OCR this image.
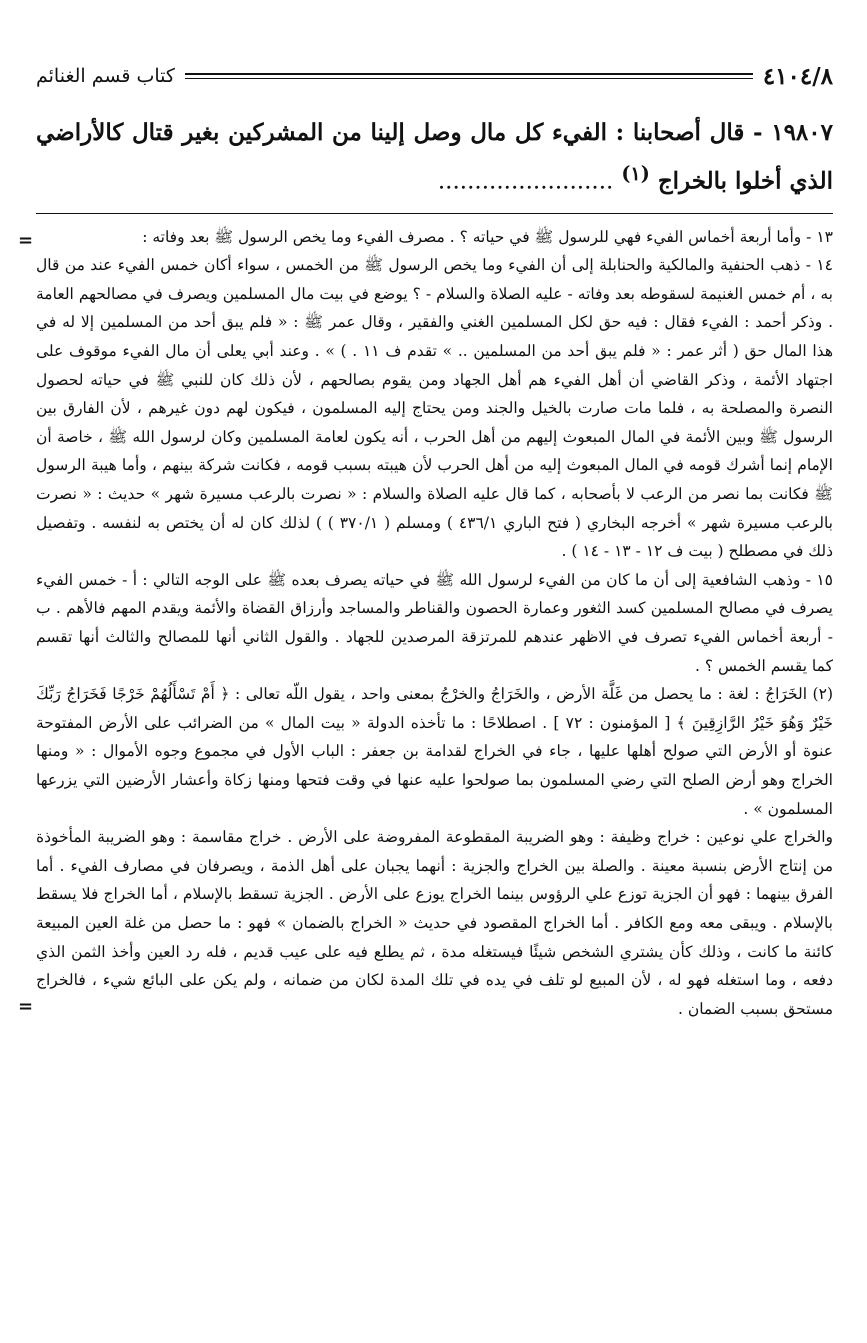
٤١٠٤/٨
كتاب قسم الغنائم
١٩٨٠٧ - قال أصحابنا : الفيء كل مال وصل إلينا من المشركين بغير قتال كالأراضي الذي أخلوا بالخراج $^{(١)}$ ........................
=	١٣ - وأما أربعة أخماس الفيء فهي للرسول ﷺ في حياته ؟ . مصرف الفيء وما يخص الرسول ﷺ بعد وفاته :

١٤ - ذهب الحنفية والمالكية والحنابلة إلى أن الفيء وما يخص الرسول ﷺ من الخمس ، سواء أكان خمس الفيء عند من قال به ، أم خمس الغنيمة لسقوطه بعد وفاته - عليه الصلاة والسلام - ؟ يوضع في بيت مال المسلمين ويصرف في مصالحهم العامة . وذكر أحمد : الفيء فقال : فيه حق لكل المسلمين الغني والفقير ، وقال عمر ﷺ : « فلم يبق أحد من المسلمين إلا له في هذا المال حق ( أثر عمر : « فلم يبق أحد من المسلمين .. » تقدم ف ١١ . ) » . وعند أبي يعلى أن مال الفيء موقوف على اجتهاد الأئمة ، وذكر القاضي أن أهل الفيء هم أهل الجهاد ومن يقوم بصالحهم ، لأن ذلك كان للنبي ﷺ في حياته لحصول النصرة والمصلحة به ، فلما مات صارت بالخيل والجند ومن يحتاج إليه المسلمون ، فيكون لهم دون غيرهم ، لأن الفارق بين الرسول ﷺ وبين الأئمة في المال المبعوث إليهم من أهل الحرب ، أنه يكون لعامة المسلمين وكان لرسول الله ﷺ ، خاصة أن الإمام إنما أشرك قومه في المال المبعوث إليه من أهل الحرب لأن هيبته بسبب قومه ، فكانت شركة بينهم ، وأما هيبة الرسول ﷺ فكانت بما نصر من الرعب لا بأصحابه ، كما قال عليه الصلاة والسلام : « نصرت بالرعب مسيرة شهر » حديث : « نصرت بالرعب مسيرة شهر » أخرجه البخاري ( فتح الباري ٤٣٦/١ ) ومسلم ( ٣٧٠/١ ) ) لذلك كان له أن يختص به لنفسه . وتفصيل ذلك في مصطلح ( بيت ف ١٢ - ١٣ - ١٤ ) .

١٥ - وذهب الشافعية إلى أن ما كان من الفيء لرسول الله ﷺ في حياته يصرف بعده ﷺ على الوجه التالي : أ - خمس الفيء يصرف في مصالح المسلمين كسد الثغور وعمارة الحصون والقناطر والمساجد وأرزاق القضاة والأئمة ويقدم المهم فالأهم . ب - أربعة أخماس الفيء تصرف في الاظهر عندهم للمرتزقة المرصدين للجهاد . والقول الثاني أنها للمصالح والثالث أنها تقسم كما يقسم الخمس ؟ .

(٢) الخَرَاجُ : لغة : ما يحصل من غَلَّة الأرض ، والخَرَاجُ والخرْجُ بمعنى واحد ، يقول اللّه تعالى : ﴿ أَمْ تَسْأَلُهُمْ خَرْجًا فَخَرَاجُ رَبِّكَ خَيْرٌ وَهُوَ خَيْرُ الرَّازِقِينَ ﴾ [ المؤمنون : ٧٢ ] . اصطلاحًا : ما تأخذه الدولة « بيت المال » من الضرائب على الأرض المفتوحة عنوة أو الأرض التي صولح أهلها عليها ، جاء في الخراج لقدامة بن جعفر : الباب الأول في مجموع وجوه الأموال : « ومنها الخراج وهو أرض الصلح التي رضي المسلمون بما صولحوا عليه عنها في وقت فتحها ومنها زكاة وأعشار الأرضين التي يزرعها المسلمون » .

والخراج علي نوعين : خراج وظيفة : وهو الضريبة المقطوعة المفروضة على الأرض . خراج مقاسمة : وهو الضريبة المأخوذة من إنتاج الأرض بنسبة معينة . والصلة بين الخراج والجزية : أنهما يجبان على أهل الذمة ، ويصرفان في مصارف الفيء . أما الفرق بينهما : فهو أن الجزية توزع علي الرؤوس بينما الخراج يوزع على الأرض . الجزية تسقط بالإسلام ، أما الخراج فلا يسقط بالإسلام . ويبقى معه ومع الكافر . أما الخراج المقصود في حديث « الخراج بالضمان » فهو : ما حصل من غلة العين المبيعة كائنة ما كانت ، وذلك كأن يشتري الشخص شيئًا فيستغله مدة ، ثم يطلع فيه على عيب قديم ، فله رد العين وأخذ الثمن الذي دفعه ، وما استغله فهو له ، لأن المبيع لو تلف في يده في تلك المدة لكان من ضمانه ، ولم يكن على البائع شيء ، فالخراج مستحق بسبب الضمان .

=
